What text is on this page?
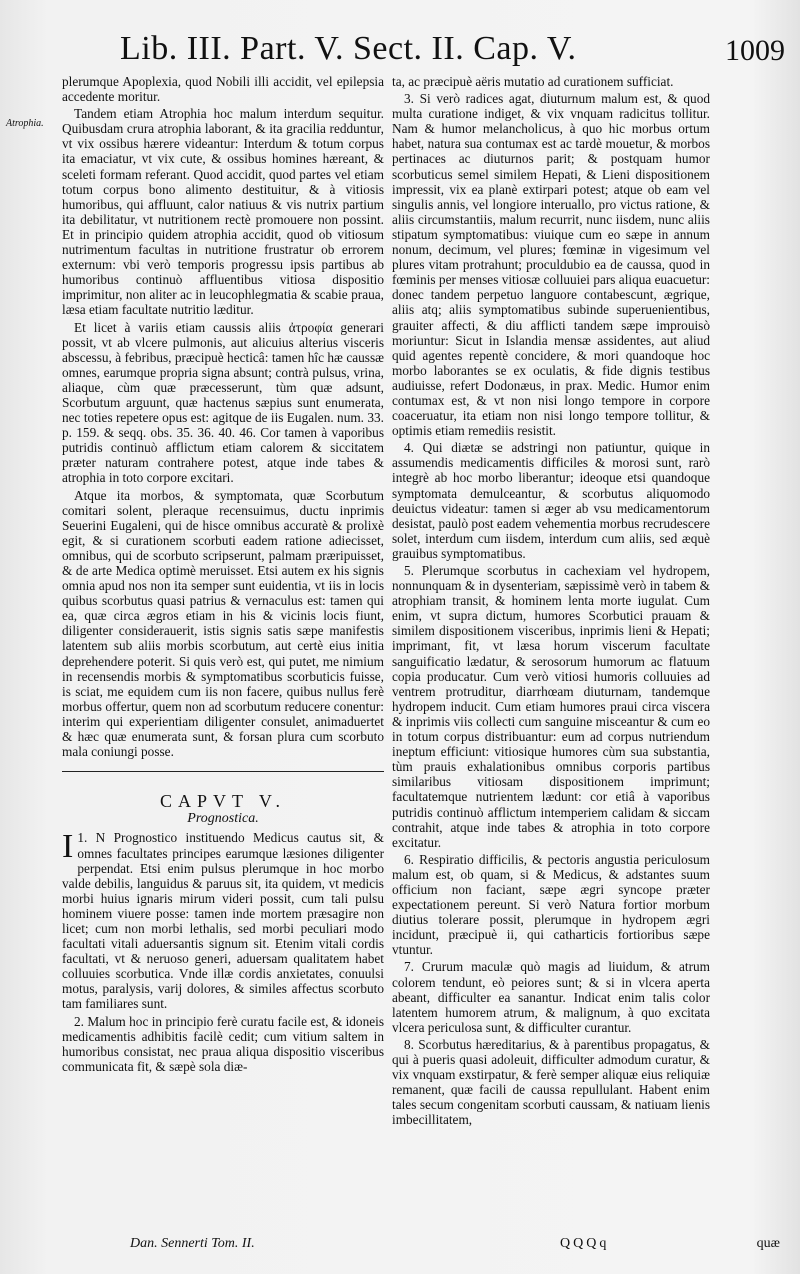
Lib. III. Part. V. Sect. II. Cap. V.	1009
Atrophia.

plerumque Apoplexia, quod Nobili illi accidit, vel epilepsia accedente moritur.

Tandem etiam Atrophia hoc malum interdum sequitur. Quibusdam crura atrophia laborant, & ita gracilia redduntur, vt vix ossibus hærere videantur: Interdum & totum corpus ita emaciatur, vt vix cute, & ossibus homines hæreant, & sceleti formam referant. Quod accidit, quod partes vel etiam totum corpus bono alimento destituitur, & à vitiosis humoribus, qui affluunt, calor natiuus & vis nutrix partium ita debilitatur, vt nutritionem rectè promouere non possint. Et in principio quidem atrophia accidit, quod ob vitiosum nutrimentum facultas in nutritione frustratur ob errorem externum: vbi verò temporis progressu ipsis partibus ab humoribus continuò affluentibus vitiosa dispositio imprimitur, non aliter ac in leucophlegmatia & scabie praua, læsa etiam facultate nutritio læditur.

Et licet à variis etiam caussis aliis ἀτροφία generari possit, vt ab vlcere pulmonis, aut alicuius alterius visceris abscessu, à febribus, præcipuè hecticâ: tamen hîc hæ caussæ omnes, earumque propria signa absunt; contrà pulsus, vrina, aliaque, cùm quæ præcesserunt, tùm quæ adsunt, Scorbutum arguunt, quæ hactenus sæpius sunt enumerata, nec toties repetere opus est: agitque de iis Eugalen. num. 33. p. 159. & seqq. obs. 35. 36. 40. 46. Cor tamen à vaporibus putridis continuò afflictum etiam calorem & siccitatem præter naturam contrahere potest, atque inde tabes & atrophia in toto corpore excitari.

Atque ita morbos, & symptomata, quæ Scorbutum comitari solent, pleraque recensuimus, ductu inprimis Seuerini Eugaleni, qui de hisce omnibus accuratè & prolixè egit, & si curationem scorbuti eadem ratione adiecisset, omnibus, qui de scorbuto scripserunt, palmam præripuisset, & de arte Medica optimè meruisset. Etsi autem ex his signis omnia apud nos non ita semper sunt euidentia, vt iis in locis quibus scorbutus quasi patrius & vernaculus est: tamen qui ea, quæ circa ægros etiam in his & vicinis locis fiunt, diligenter considerauerit, istis signis satis sæpe manifestis latentem sub aliis morbis scorbutum, aut certè eius initia deprehendere poterit. Si quis verò est, qui putet, me nimium in recensendis morbis & symptomatibus scorbuticis fuisse, is sciat, me equidem cum iis non facere, quibus nullus ferè morbus offertur, quem non ad scorbutum reducere conentur: interim qui experientiam diligenter consulet, animaduertet & hæc quæ enumerata sunt, & forsan plura cum scorbuto mala coniungi posse.

CAPVT V.
Prognostica.

1.
I N Prognostico instituendo Medicus cautus sit, & omnes facultates principes earumque læsiones diligenter perpendat. Etsi enim pulsus plerumque in hoc morbo valde debilis, languidus & paruus sit, ita quidem, vt medicis morbi huius ignaris mirum videri possit, cum tali pulsu hominem viuere posse: tamen inde mortem præsagire non licet; cum non morbi lethalis, sed morbi peculiari modo facultati vitali aduersantis signum sit. Etenim vitali cordis facultati, vt & neruoso generi, aduersam qualitatem habet colluuies scorbutica. Vnde illæ cordis anxietates, conuulsi motus, paralysis, varij dolores, & similes affectus scorbuto tam familiares sunt.

2. Malum hoc in principio ferè curatu facile est, & idoneis medicamentis adhibitis facilè cedit; cum vitium saltem in humoribus consistat, nec praua aliqua dispositio visceribus communicata fit, & sæpè sola diæ-

ta, ac præcipuè aëris mutatio ad curationem sufficiat.

3. Si verò radices agat, diuturnum malum est, & quod multa curatione indiget, & vix vnquam radicitus tollitur. Nam & humor melancholicus, à quo hic morbus ortum habet, natura sua contumax est ac tardè mouetur, & morbos pertinaces ac diuturnos parit; & postquam humor scorbuticus semel similem Hepati, & Lieni dispositionem impressit, vix ea planè extirpari potest; atque ob eam vel singulis annis, vel longiore interuallo, pro victus ratione, & aliis circumstantiis, malum recurrit, nunc iisdem, nunc aliis stipatum symptomatibus: viuique cum eo sæpe in annum nonum, decimum, vel plures; fœminæ in vigesimum vel plures vitam protrahunt; proculdubio ea de caussa, quod in fœminis per menses vitiosæ colluuiei pars aliqua euacuetur: donec tandem perpetuo languore contabescunt, ægrique, aliis atq; aliis symptomatibus subinde superuenientibus, grauiter affecti, & diu afflicti tandem sæpe improuisò moriuntur: Sicut in Islandia mensæ assidentes, aut aliud quid agentes repentè concidere, & mori quandoque hoc morbo laborantes se ex oculatis, & fide dignis testibus audiuisse, refert Dodonæus, in prax. Medic. Humor enim contumax est, & vt non nisi longo tempore in corpore coaceruatur, ita etiam non nisi longo tempore tollitur, & optimis etiam remediis resistit.

4. Qui diætæ se adstringi non patiuntur, quique in assumendis medicamentis difficiles & morosi sunt, rarò integrè ab hoc morbo liberantur; ideoque etsi quandoque symptomata demulceantur, & scorbutus aliquomodo deuictus videatur: tamen si æger ab vsu medicamentorum desistat, paulò post eadem vehementia morbus recrudescere solet, interdum cum iisdem, interdum cum aliis, sed æquè grauibus symptomatibus.

5. Plerumque scorbutus in cachexiam vel hydropem, nonnunquam & in dysenteriam, sæpissimè verò in tabem & atrophiam transit, & hominem lenta morte iugulat. Cum enim, vt supra dictum, humores Scorbutici prauam & similem dispositionem visceribus, inprimis lieni & Hepati; imprimant, fit, vt læsa horum viscerum facultate sanguificatio lædatur, & serosorum humorum ac flatuum copia producatur. Cum verò vitiosi humoris colluuies ad ventrem protruditur, diarrhœam diuturnam, tandemque hydropem inducit. Cum etiam humores praui circa viscera & inprimis viis collecti cum sanguine misceantur & cum eo in totum corpus distribuantur: eum ad corpus nutriendum ineptum efficiunt: vitiosique humores cùm sua substantia, tùm prauis exhalationibus omnibus corporis partibus similaribus vitiosam dispositionem imprimunt; facultatemque nutrientem lædunt: cor etiâ à vaporibus putridis continuò afflictum intemperiem calidam & siccam contrahit, atque inde tabes & atrophia in toto corpore excitatur.

6. Respiratio difficilis, & pectoris angustia periculosum malum est, ob quam, si & Medicus, & adstantes suum officium non faciant, sæpe ægri syncope præter expectationem pereunt. Si verò Natura fortior morbum diutius tolerare possit, plerumque in hydropem ægri incidunt, præcipuè ii, qui catharticis fortioribus sæpe vtuntur.

7. Crurum maculæ quò magis ad liuidum, & atrum colorem tendunt, eò peiores sunt; & si in vlcera aperta abeant, difficulter ea sanantur. Indicat enim talis color latentem humorem atrum, & malignum, à quo excitata vlcera periculosa sunt, & difficulter curantur.

8. Scorbutus hæreditarius, & à parentibus propagatus, & qui à pueris quasi adoleuit, difficulter admodum curatur, & vix vnquam exstirpatur, & ferè semper aliquæ eius reliquiæ remanent, quæ facili de caussa repullulant. Habent enim tales secum congenitam scorbuti caussam, & natiuam lienis imbecillitatem,

Dan. Sennerti Tom. II.	QQQq	quæ
